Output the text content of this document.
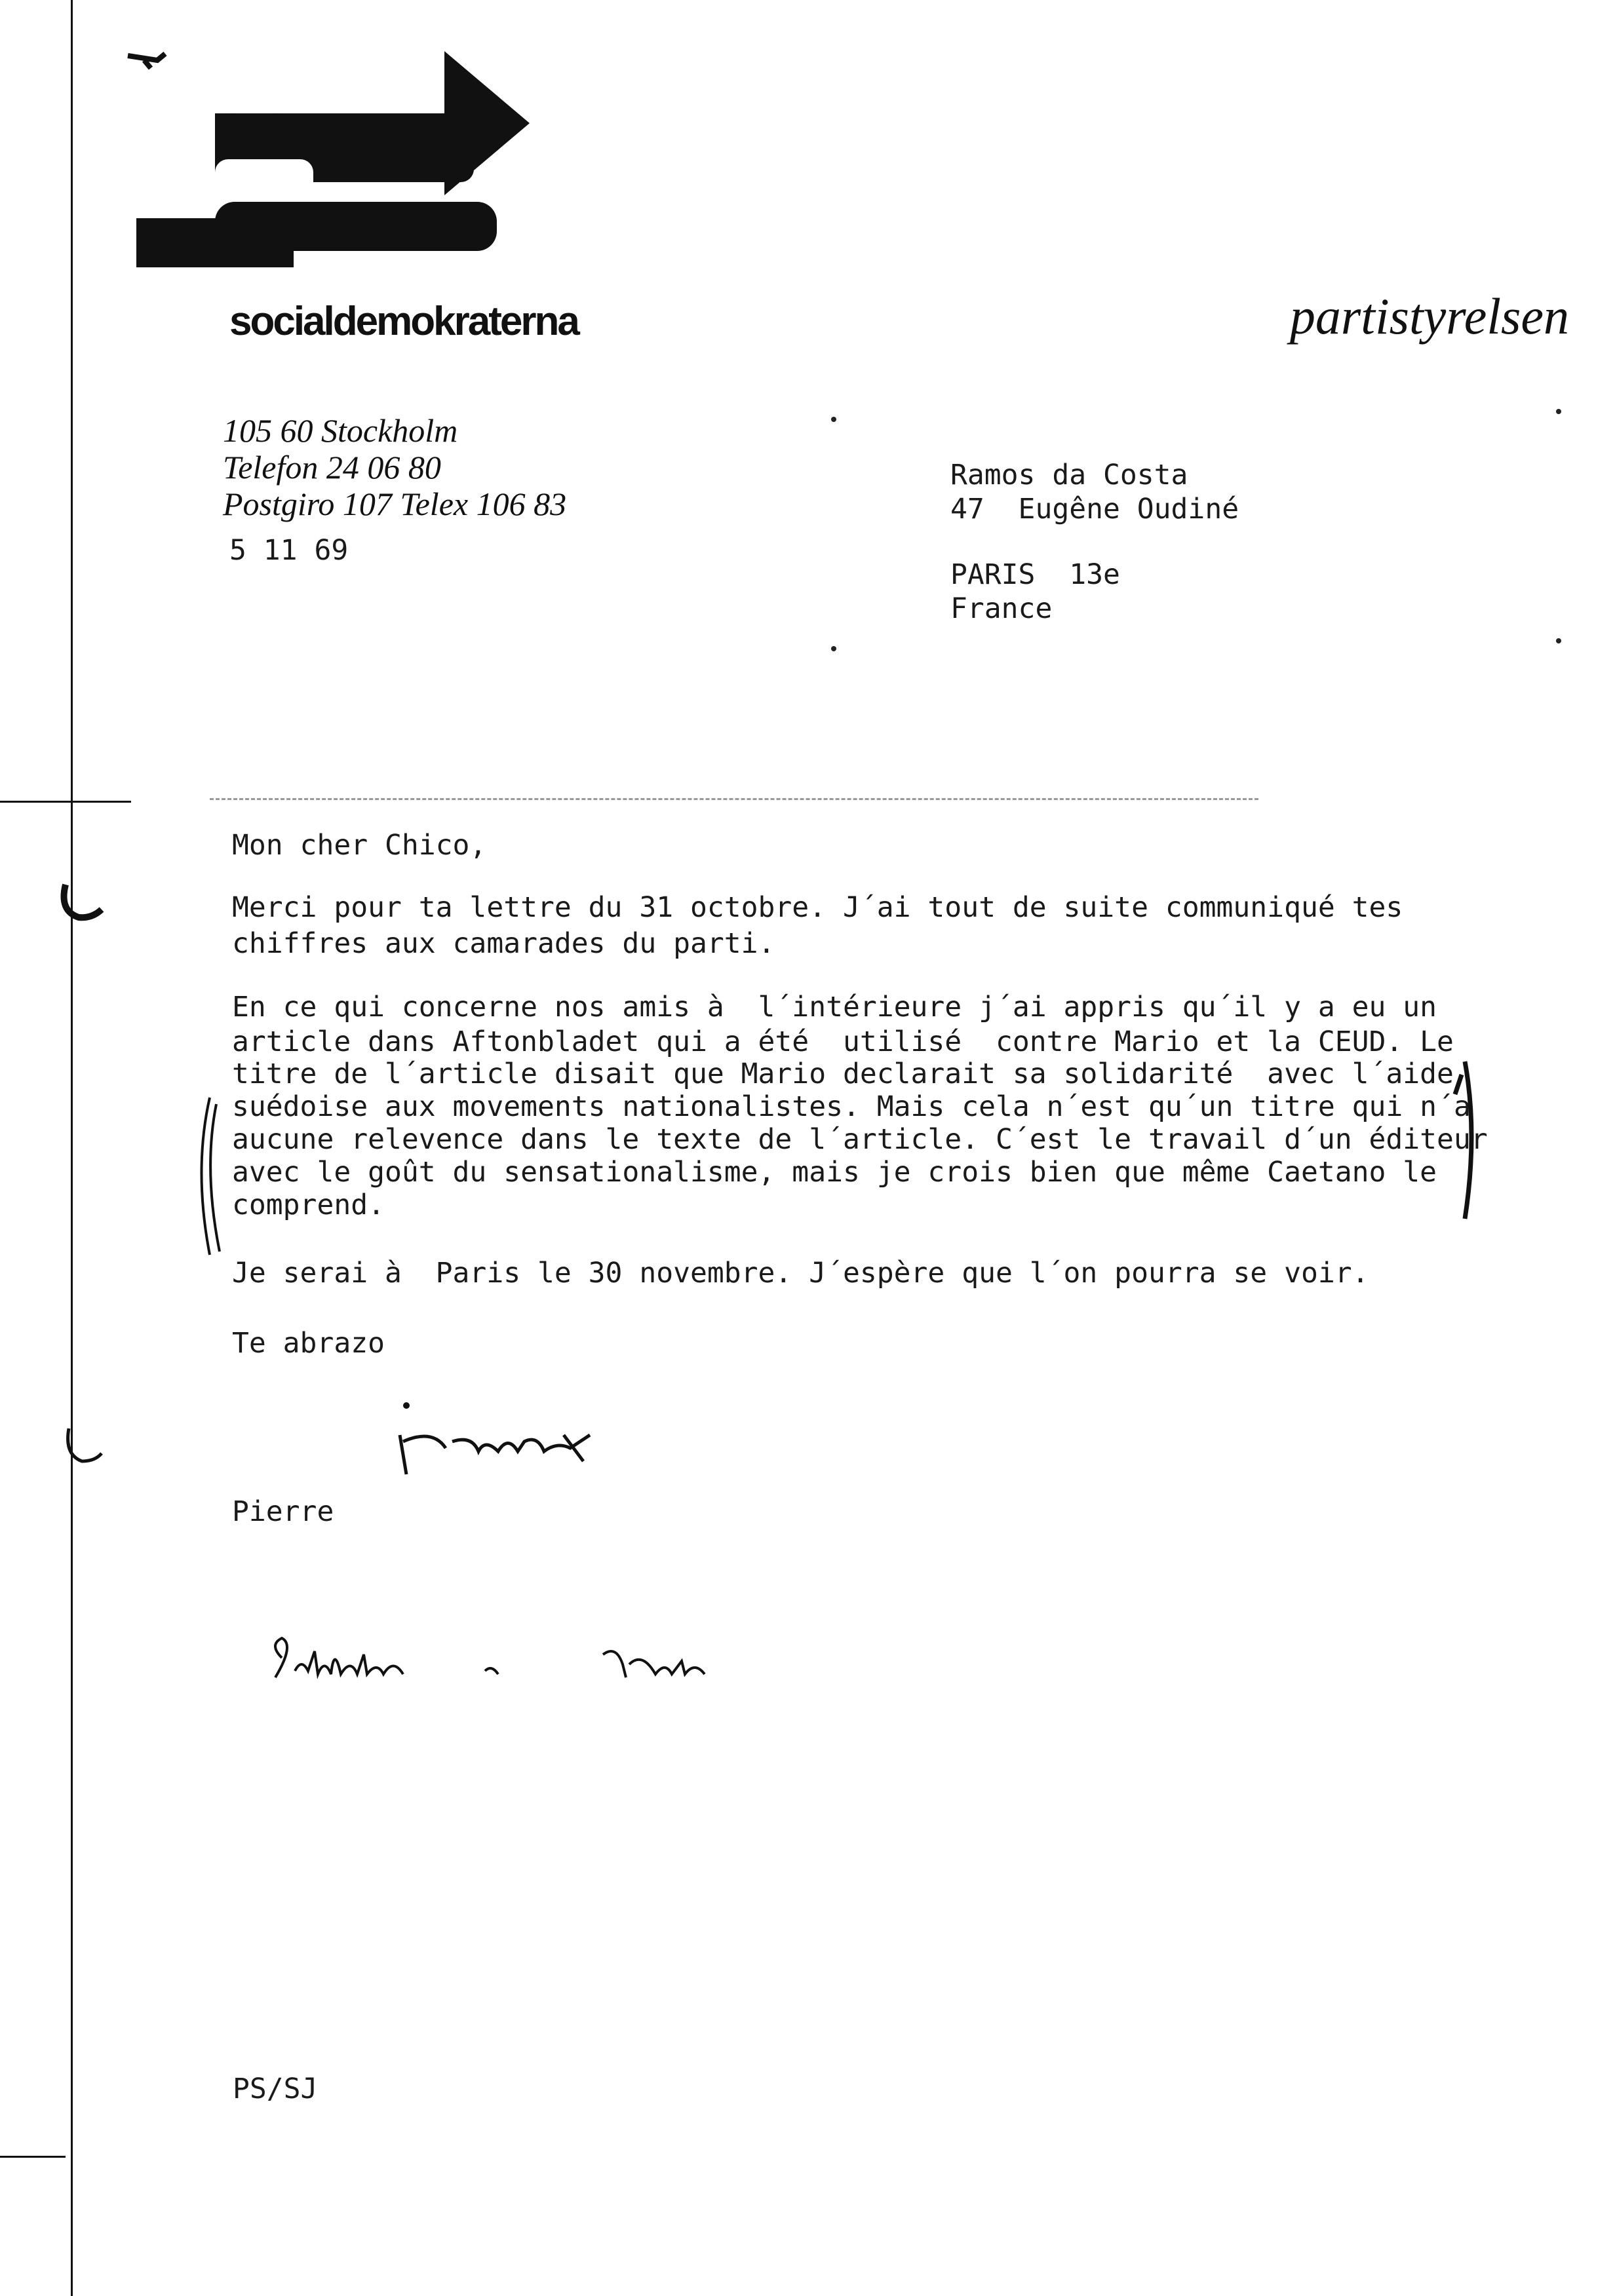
socialdemokraterna	partistyrelsen
105 60 Stockholm
Telefon 24 06 80
Postgiro 107 Telex 106 83
5 11 69
Ramos da Costa
47  Eugêne Oudiné
PARIS  13e
France
Mon cher Chico,
Merci pour ta lettre du 31 octobre. J´ai tout de suite communiqué tes
chiffres aux camarades du parti.
En ce qui concerne nos amis à  l´intérieure j´ai appris qu´il y a eu un
article dans Aftonbladet qui a été  utilisé  contre Mario et la CEUD. Le
titre de l´article disait que Mario declarait sa solidarité  avec l´aide
suédoise aux movements nationalistes. Mais cela n´est qu´un titre qui n´a
aucune relevence dans le texte de l´article. C´est le travail d´un éditeur
avec le goût du sensationalisme, mais je crois bien que même Caetano le
comprend.
Je serai à  Paris le 30 novembre. J´espère que l´on pourra se voir.
Te abrazo
Pierre
PS/SJ
